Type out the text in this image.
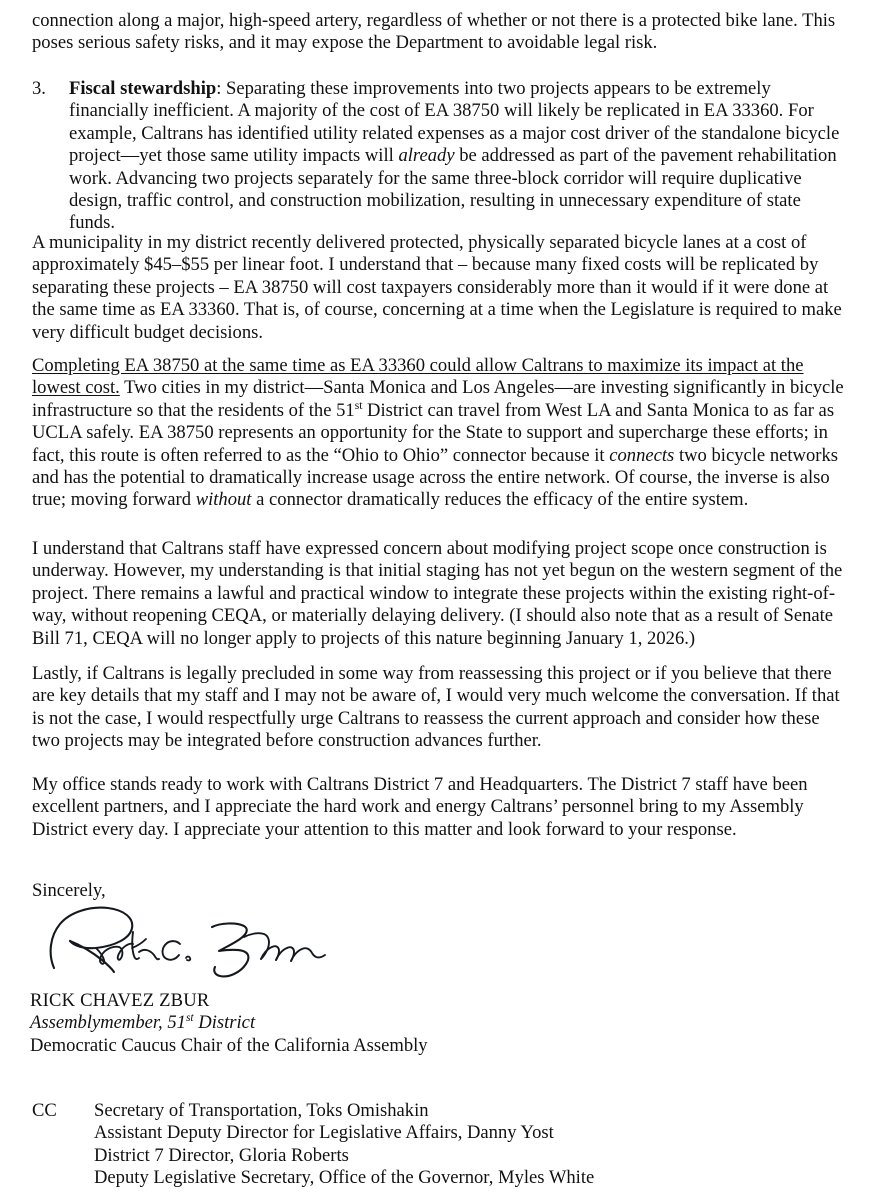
connection along a major, high-speed artery, regardless of whether or not there is a protected bike lane. This poses serious safety risks, and it may expose the Department to avoidable legal risk.

3.	Fiscal stewardship: Separating these improvements into two projects appears to be extremely financially inefficient. A majority of the cost of EA 38750 will likely be replicated in EA 33360. For example, Caltrans has identified utility related expenses as a major cost driver of the standalone bicycle project—yet those same utility impacts will already be addressed as part of the pavement rehabilitation work. Advancing two projects separately for the same three-block corridor will require duplicative design, traffic control, and construction mobilization, resulting in unnecessary expenditure of state funds.

A municipality in my district recently delivered protected, physically separated bicycle lanes at a cost of approximately $45–$55 per linear foot. I understand that – because many fixed costs will be replicated by separating these projects – EA 38750 will cost taxpayers considerably more than it would if it were done at the same time as EA 33360. That is, of course, concerning at a time when the Legislature is required to make very difficult budget decisions.

Completing EA 38750 at the same time as EA 33360 could allow Caltrans to maximize its impact at the lowest cost. Two cities in my district—Santa Monica and Los Angeles—are investing significantly in bicycle infrastructure so that the residents of the 51st District can travel from West LA and Santa Monica to as far as UCLA safely. EA 38750 represents an opportunity for the State to support and supercharge these efforts; in fact, this route is often referred to as the “Ohio to Ohio” connector because it connects two bicycle networks and has the potential to dramatically increase usage across the entire network. Of course, the inverse is also true; moving forward without a connector dramatically reduces the efficacy of the entire system.

I understand that Caltrans staff have expressed concern about modifying project scope once construction is underway. However, my understanding is that initial staging has not yet begun on the western segment of the project. There remains a lawful and practical window to integrate these projects within the existing right-of-way, without reopening CEQA, or materially delaying delivery. (I should also note that as a result of Senate Bill 71, CEQA will no longer apply to projects of this nature beginning January 1, 2026.)

Lastly, if Caltrans is legally precluded in some way from reassessing this project or if you believe that there are key details that my staff and I may not be aware of, I would very much welcome the conversation. If that is not the case, I would respectfully urge Caltrans to reassess the current approach and consider how these two projects may be integrated before construction advances further.

My office stands ready to work with Caltrans District 7 and Headquarters. The District 7 staff have been excellent partners, and I appreciate the hard work and energy Caltrans’ personnel bring to my Assembly District every day. I appreciate your attention to this matter and look forward to your response.

Sincerely,
RICK CHAVEZ ZBUR
Assemblymember, 51st District
Democratic Caucus Chair of the California Assembly
CC Secretary of Transportation, Toks Omishakin
Assistant Deputy Director for Legislative Affairs, Danny Yost
District 7 Director, Gloria Roberts
Deputy Legislative Secretary, Office of the Governor, Myles White
